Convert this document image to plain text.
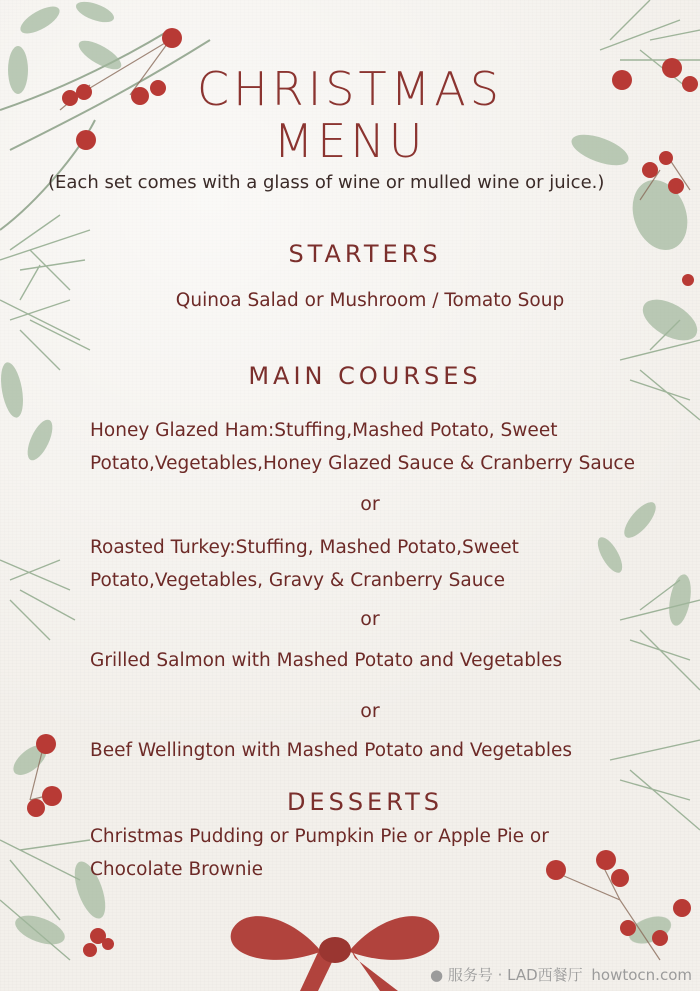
CHRISTMAS
MENU
(Each set comes with a glass of wine or mulled wine or juice.)
STARTERS
Quinoa Salad or Mushroom / Tomato Soup
MAIN COURSES
Honey Glazed Ham:Stuffing,Mashed Potato, Sweet
Potato,Vegetables,Honey Glazed Sauce & Cranberry Sauce
or
Roasted Turkey:Stuffing, Mashed Potato,Sweet
Potato,Vegetables, Gravy & Cranberry Sauce
or
Grilled Salmon with Mashed Potato and Vegetables
or
Beef Wellington with Mashed Potato and Vegetables
DESSERTS
Christmas Pudding or Pumpkin Pie or Apple Pie or
Chocolate Brownie
● 服务号 · LAD西餐厅 howtocn.com
